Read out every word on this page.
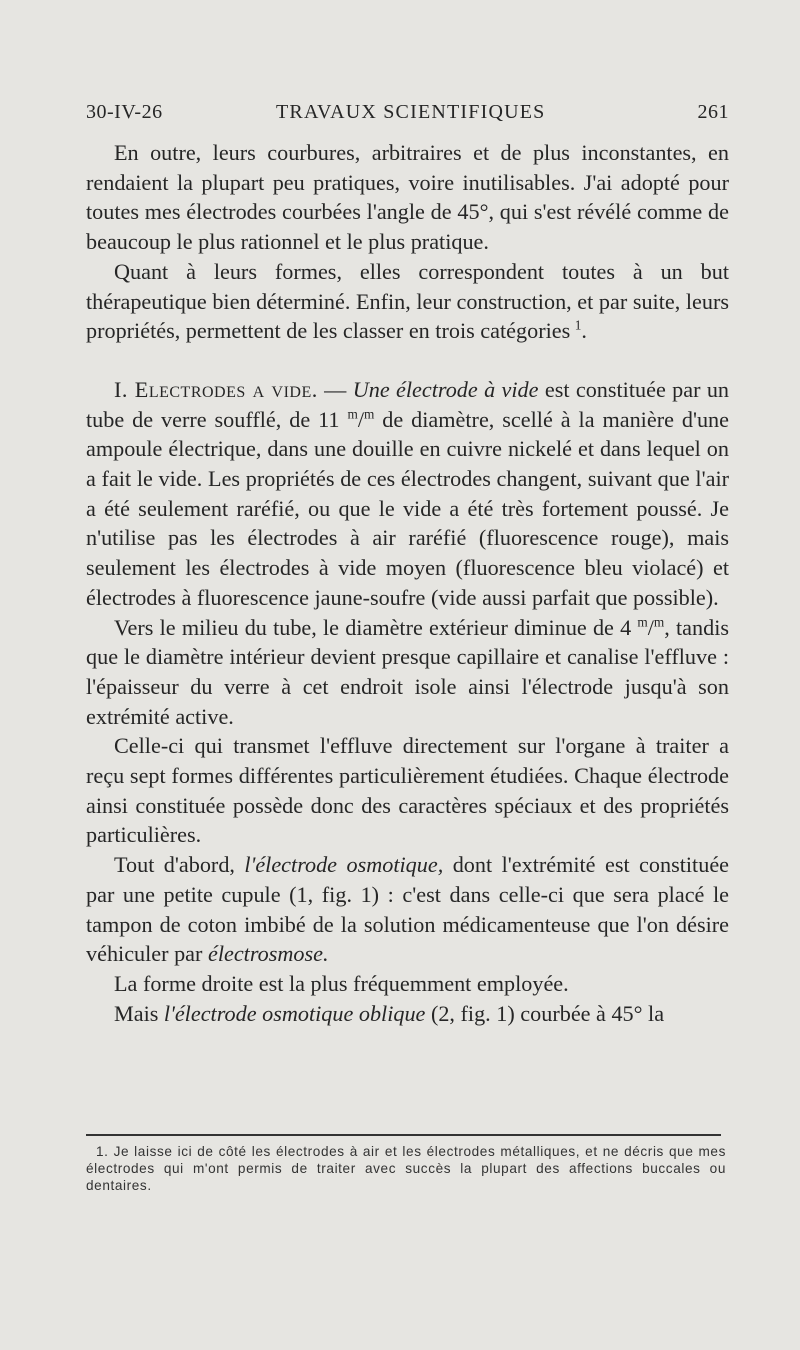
30-IV-26	TRAVAUX SCIENTIFIQUES	261

En outre, leurs courbures, arbitraires et de plus inconstantes, en rendaient la plupart peu pratiques, voire inutilisables. J'ai adopté pour toutes mes électrodes courbées l'angle de 45°, qui s'est révélé comme de beaucoup le plus rationnel et le plus pratique.

Quant à leurs formes, elles correspondent toutes à un but thérapeutique bien déterminé. Enfin, leur construction, et par suite, leurs propriétés, permettent de les classer en trois catégories  $^1$.

I. Electrodes a vide. — Une électrode à vide est constituée par un tube de verre soufflé, de 11 $^m$/$^m$ de diamètre, scellé à la manière d'une ampoule électrique, dans une douille en cuivre nickelé et dans lequel on a fait le vide. Les propriétés de ces électrodes changent, suivant que l'air a été seulement raréfié, ou que le vide a été très fortement poussé. Je n'utilise pas les électrodes à air raréfié (fluorescence rouge), mais seulement les électrodes à vide moyen (fluorescence bleu violacé) et électrodes à fluorescence jaune-soufre (vide aussi parfait que possible).

Vers le milieu du tube, le diamètre extérieur diminue de 4 $^m$/$^m$, tandis que le diamètre intérieur devient presque capillaire et canalise l'effluve : l'épaisseur du verre à cet endroit isole ainsi l'électrode jusqu'à son extrémité active.

Celle-ci qui transmet l'effluve directement sur l'organe à traiter a reçu sept formes différentes particulièrement étudiées. Chaque électrode ainsi constituée possède donc des caractères spéciaux et des propriétés particulières.

Tout d'abord, l'électrode osmotique, dont l'extrémité est constituée par une petite cupule (1, fig. 1) : c'est dans celle-ci que sera placé le tampon de coton imbibé de la solution médicamenteuse que l'on désire véhiculer par électrosmose.

La forme droite est la plus fréquemment employée.

Mais l'électrode osmotique oblique (2, fig. 1) courbée à 45° la

1. Je laisse ici de côté les électrodes à air et les électrodes métalliques, et ne décris que mes électrodes qui m'ont permis de traiter avec succès la plupart des affections buccales ou dentaires.
